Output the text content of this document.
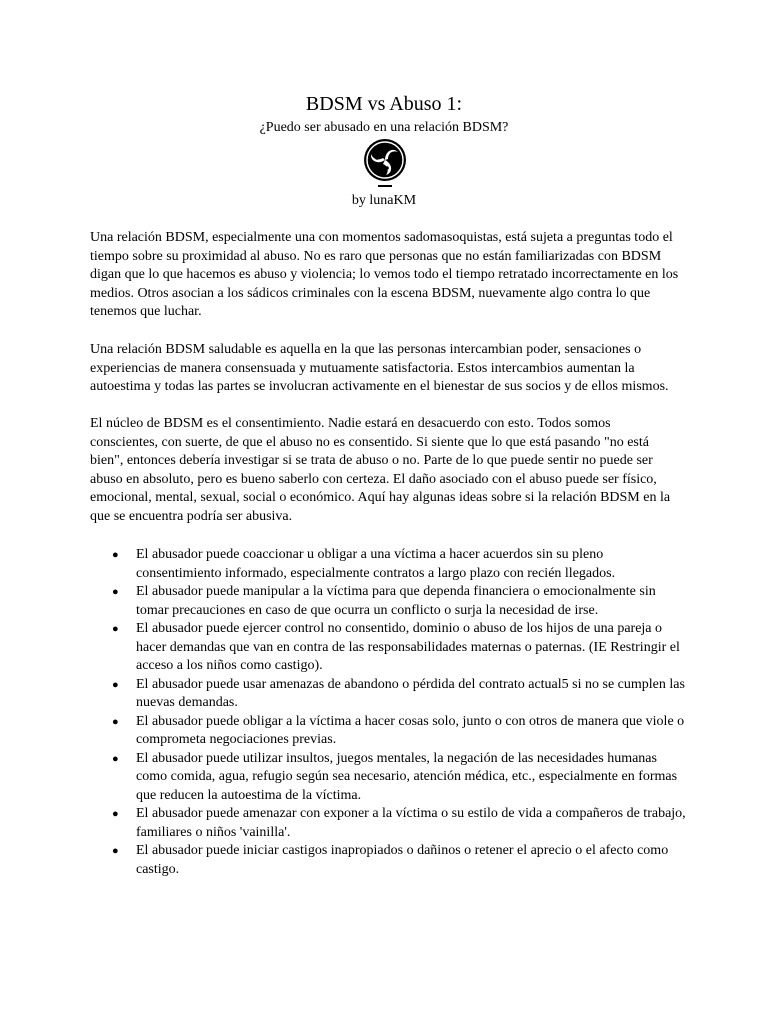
BDSM vs Abuso 1:
¿Puedo ser abusado en una relación BDSM?
by lunaKM

Una relación BDSM, especialmente una con momentos sadomasoquistas, está sujeta a preguntas todo el tiempo sobre su proximidad al abuso. No es raro que personas que no están familiarizadas con BDSM digan que lo que hacemos es abuso y violencia; lo vemos todo el tiempo retratado incorrectamente en los medios. Otros asocian a los sádicos criminales con la escena BDSM, nuevamente algo contra lo que tenemos que luchar.

Una relación BDSM saludable es aquella en la que las personas intercambian poder, sensaciones o experiencias de manera consensuada y mutuamente satisfactoria. Estos intercambios aumentan la autoestima y todas las partes se involucran activamente en el bienestar de sus socios y de ellos mismos.

El núcleo de BDSM es el consentimiento. Nadie estará en desacuerdo con esto. Todos somos conscientes, con suerte, de que el abuso no es consentido. Si siente que lo que está pasando "no está bien", entonces debería investigar si se trata de abuso o no. Parte de lo que puede sentir no puede ser abuso en absoluto, pero es bueno saberlo con certeza. El daño asociado con el abuso puede ser físico, emocional, mental, sexual, social o económico. Aquí hay algunas ideas sobre si la relación BDSM en la que se encuentra podría ser abusiva.

● El abusador puede coaccionar u obligar a una víctima a hacer acuerdos sin su pleno consentimiento informado, especialmente contratos a largo plazo con recién llegados.
● El abusador puede manipular a la víctima para que dependa financiera o emocionalmente sin tomar precauciones en caso de que ocurra un conflicto o surja la necesidad de irse.
● El abusador puede ejercer control no consentido, dominio o abuso de los hijos de una pareja o hacer demandas que van en contra de las responsabilidades maternas o paternas. (IE Restringir el acceso a los niños como castigo).
● El abusador puede usar amenazas de abandono o pérdida del contrato actual5 si no se cumplen las nuevas demandas.
● El abusador puede obligar a la víctima a hacer cosas solo, junto o con otros de manera que viole o comprometa negociaciones previas.
● El abusador puede utilizar insultos, juegos mentales, la negación de las necesidades humanas como comida, agua, refugio según sea necesario, atención médica, etc., especialmente en formas que reducen la autoestima de la víctima.
● El abusador puede amenazar con exponer a la víctima o su estilo de vida a compañeros de trabajo, familiares o niños 'vainilla'.
● El abusador puede iniciar castigos inapropiados o dañinos o retener el aprecio o el afecto como castigo.
